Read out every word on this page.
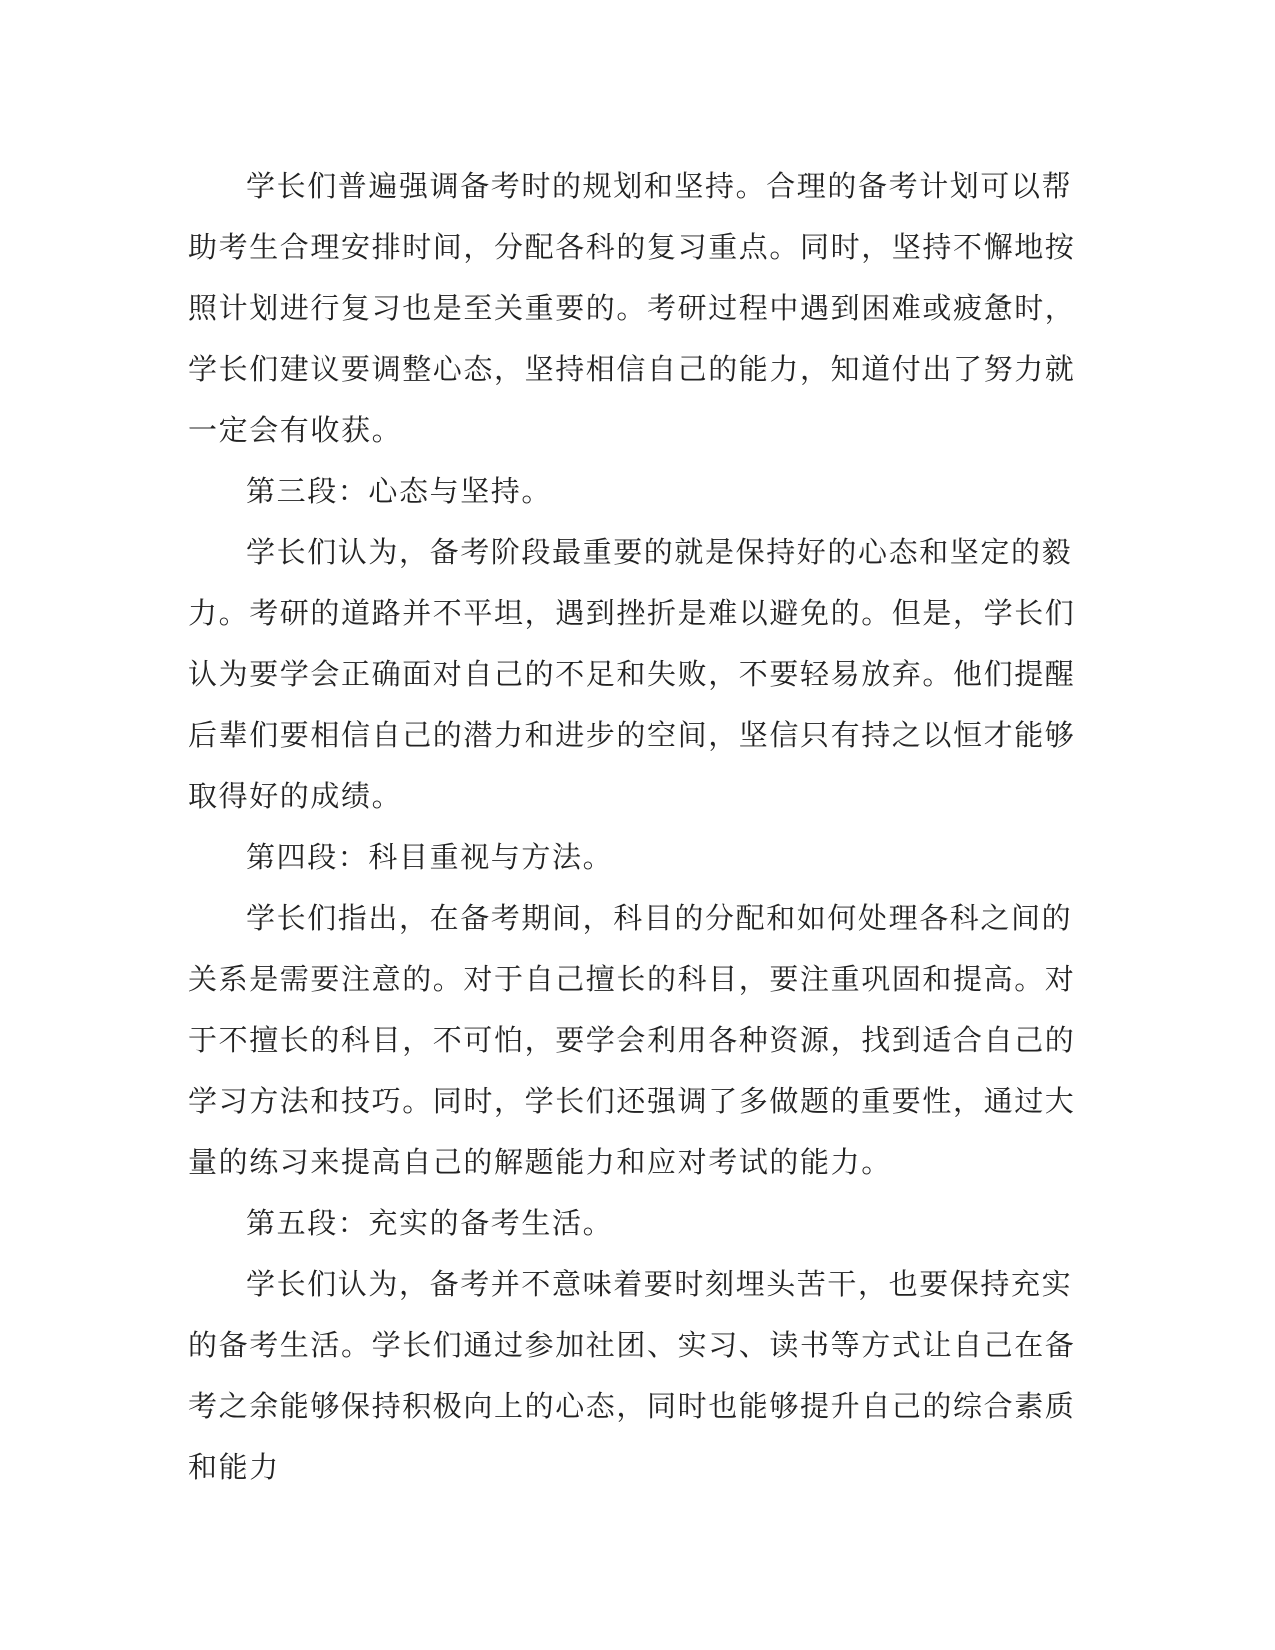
学长们普遍强调备考时的规划和坚持。合理的备考计划可以帮助考生合理安排时间，分配各科的复习重点。同时，坚持不懈地按照计划进行复习也是至关重要的。考研过程中遇到困难或疲惫时，学长们建议要调整心态，坚持相信自己的能力，知道付出了努力就一定会有收获。

第三段：心态与坚持。

学长们认为，备考阶段最重要的就是保持好的心态和坚定的毅力。考研的道路并不平坦，遇到挫折是难以避免的。但是，学长们认为要学会正确面对自己的不足和失败，不要轻易放弃。他们提醒后辈们要相信自己的潜力和进步的空间，坚信只有持之以恒才能够取得好的成绩。

第四段：科目重视与方法。

学长们指出，在备考期间，科目的分配和如何处理各科之间的关系是需要注意的。对于自己擅长的科目，要注重巩固和提高。对于不擅长的科目，不可怕，要学会利用各种资源，找到适合自己的学习方法和技巧。同时，学长们还强调了多做题的重要性，通过大量的练习来提高自己的解题能力和应对考试的能力。

第五段：充实的备考生活。

学长们认为，备考并不意味着要时刻埋头苦干，也要保持充实的备考生活。学长们通过参加社团、实习、读书等方式让自己在备考之余能够保持积极向上的心态，同时也能够提升自己的综合素质和能力
